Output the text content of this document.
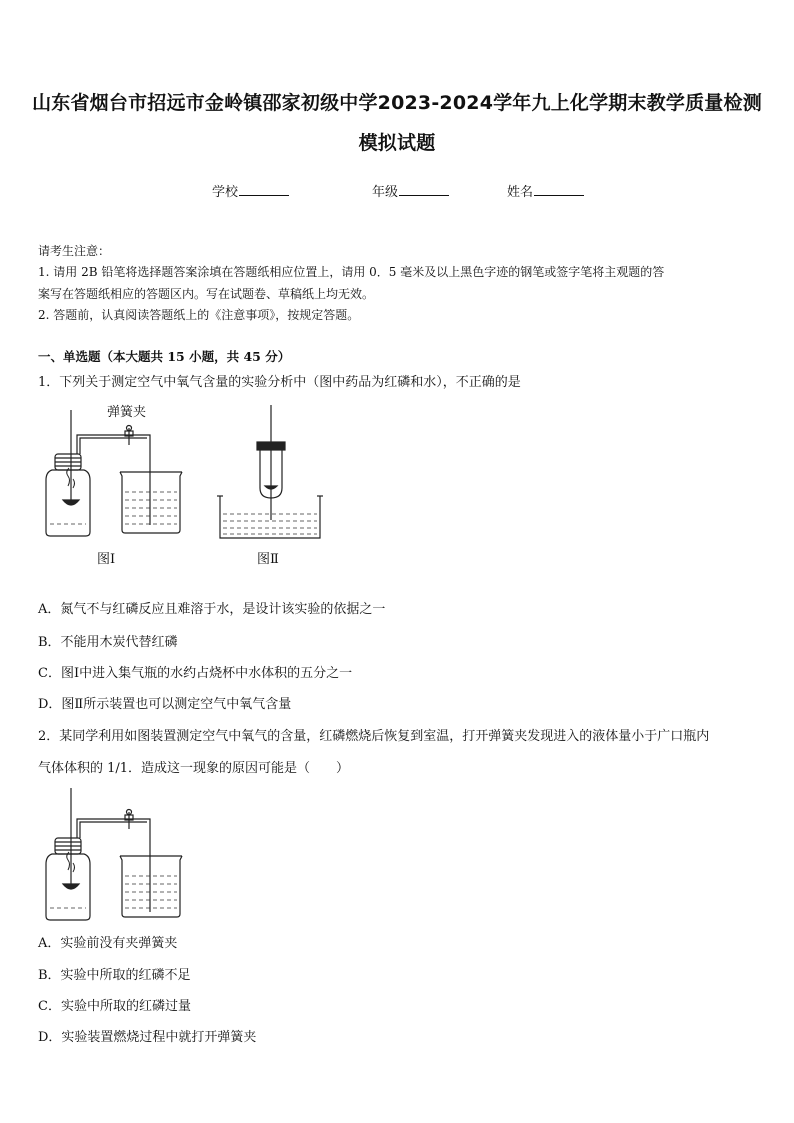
山东省烟台市招远市金岭镇邵家初级中学2023-2024学年九上化学期末教学质量检测
模拟试题
学校	年级	姓名
请考生注意：
1. 请用 2B 铅笔将选择题答案涂填在答题纸相应位置上，请用 0．5 毫米及以上黑色字迹的钢笔或签字笔将主观题的答
案写在答题纸相应的答题区内。写在试题卷、草稿纸上均无效。
2. 答题前，认真阅读答题纸上的《注意事项》，按规定答题。
一、单选题（本大题共 15 小题，共 45 分）
1．下列关于测定空气中氧气含量的实验分析中（图中药品为红磷和水），不正确的是
弹簧夹
图Ⅰ	图Ⅱ
A．氮气不与红磷反应且难溶于水，是设计该实验的依据之一
B．不能用木炭代替红磷
C．图Ⅰ中进入集气瓶的水约占烧杯中水体积的五分之一
D．图Ⅱ所示装置也可以测定空气中氧气含量
2．某同学利用如图装置测定空气中氧气的含量，红磷燃烧后恢复到室温，打开弹簧夹发现进入的液体量小于广口瓶内
气体体积的 1/1．造成这一现象的原因可能是（　　）
A．实验前没有夹弹簧夹
B．实验中所取的红磷不足
C．实验中所取的红磷过量
D．实验装置燃烧过程中就打开弹簧夹
